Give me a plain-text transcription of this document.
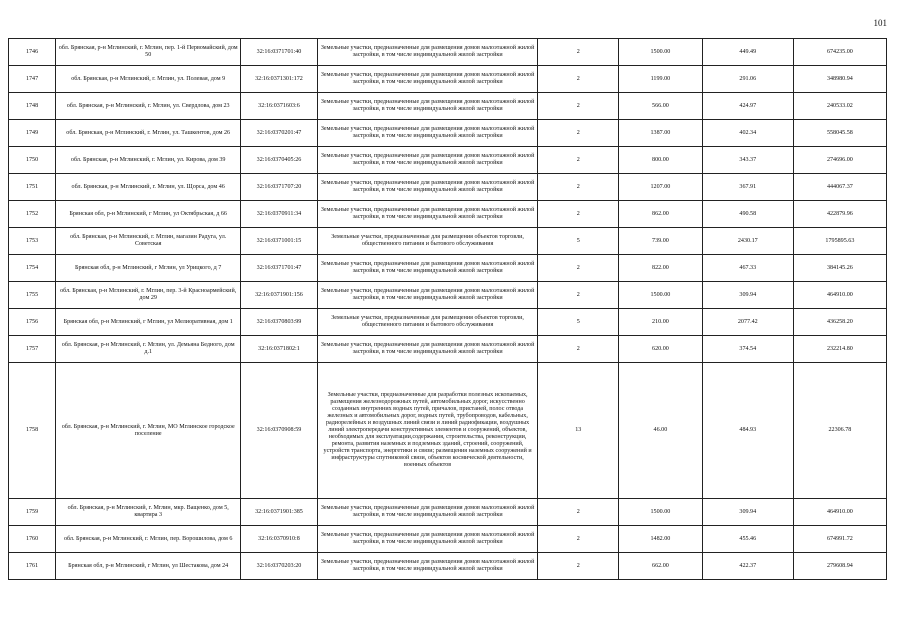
101
1746	обл. Брянская, р-н Мглинский, г. Мглин, пер. 1-й Первомайский, дом 50	32:16:0371701:40	Земельные участки, предназначенные для размещения домов малоэтажной жилой застройки, в том числе индивидуальной жилой застройки	2	1500.00	449.49	674235.00
1747	обл. Брянская, р-н Мглинский, г. Мглин, ул. Полевая, дом 9	32:16:0371301:172	Земельные участки, предназначенные для размещения домов малоэтажной жилой застройки, в том числе индивидуальной жилой застройки	2	1199.00	291.06	348980.94
1748	обл. Брянская, р-н Мглинский, г. Мглин, ул. Свердлова, дом 23	32:16:0371603:6	Земельные участки, предназначенные для размещения домов малоэтажной жилой застройки, в том числе индивидуальной жилой застройки	2	566.00	424.97	240533.02
1749	обл. Брянская, р-н Мглинский, г. Мглин, ул. Ташкентов, дом 26	32:16:0370201:47	Земельные участки, предназначенные для размещения домов малоэтажной жилой застройки, в том числе индивидуальной жилой застройки	2	1387.00	402.34	558045.58
1750	обл. Брянская, р-н Мглинский, г. Мглин, ул. Кирова, дом 39	32:16:0370405:26	Земельные участки, предназначенные для размещения домов малоэтажной жилой застройки, в том числе индивидуальной жилой застройки	2	800.00	343.37	274696.00
1751	обл. Брянская, р-н Мглинский, г. Мглин, ул. Щорса, дом 46	32:16:0371707:20	Земельные участки, предназначенные для размещения домов малоэтажной жилой застройки, в том числе индивидуальной жилой застройки	2	1207.00	367.91	444067.37
1752	Брянская обл, р-н Мглинский, г Мглин, ул Октябрьская, д 66	32:16:0370911:34	Земельные участки, предназначенные для размещения домов малоэтажной жилой застройки, в том числе индивидуальной жилой застройки	2	862.00	490.58	422879.96
1753	обл. Брянская, р-н Мглинский, г. Мглин, магазин Радуга, ул. Советская	32:16:0371001:15	Земельные участки, предназначенные для размещения объектов торговли, общественного питания и бытового обслуживания	5	739.00	2430.17	1795895.63
1754	Брянская обл, р-н Мглинский, г Мглин, ул Урицкого, д 7	32:16:0371701:47	Земельные участки, предназначенные для размещения домов малоэтажной жилой застройки, в том числе индивидуальной жилой застройки	2	822.00	467.33	384145.26
1755	обл. Брянская, р-н Мглинский, г. Мглин, пер. 3-й Красноармейский, дом 29	32:16:0371901:156	Земельные участки, предназначенные для размещения домов малоэтажной жилой застройки, в том числе индивидуальной жилой застройки	2	1500.00	309.94	464910.00
1756	Брянская обл, р-н Мглинский, г Мглин, ул Мелиоративная, дом 1	32:16:0370803:99	Земельные участки, предназначенные для размещения объектов торговли, общественного питания и бытового обслуживания	5	210.00	2077.42	436258.20
1757	обл. Брянская, р-н Мглинский, г. Мглин, ул. Демьяна Бедного, дом д.1	32:16:0371802:1	Земельные участки, предназначенные для размещения домов малоэтажной жилой застройки, в том числе индивидуальной жилой застройки	2	620.00	374.54	232214.80
1758	обл. Брянская, р-н Мглинский, г. Мглин, МО Мглинское городское поселение	32:16:0370908:59	Земельные участки, предназначенные для разработки полезных ископаемых, размещения железнодорожных путей, автомобильных дорог, искусственно созданных внутренних водных путей, причалов, пристаней, полос отвода железных и автомобильных дорог, водных путей, трубопроводов, кабельных, радиорелейных и воздушных линий связи и линий радиофикации, воздушных линий электропередачи конструктивных элементов и сооружений, объектов, необходимых для эксплуатации,содержания, строительства, реконструкции, ремонта, развития наземных и подземных зданий, строений, сооружений, устройств транспорта, энергетики и связи; размещения наземных сооружений и инфраструктуры спутниковой связи, объектов космической деятельности, военных объектов	13	46.00	484.93	22306.78
1759	обл. Брянская, р-н Мглинский, г. Мглин, мкр. Ващенко, дом 5, квартира 3	32:16:0371901:385	Земельные участки, предназначенные для размещения домов малоэтажной жилой застройки, в том числе индивидуальной жилой застройки	2	1500.00	309.94	464910.00
1760	обл. Брянская, р-н Мглинский, г. Мглин, пер. Ворошилова, дом 6	32:16:0370910:8	Земельные участки, предназначенные для размещения домов малоэтажной жилой застройки, в том числе индивидуальной жилой застройки	2	1482.00	455.46	674991.72
1761	Брянская обл, р-н Мглинский, г Мглин, ул Шестакова, дом 24	32:16:0370203:20	Земельные участки, предназначенные для размещения домов малоэтажной жилой застройки, в том числе индивидуальной жилой застройки	2	662.00	422.37	279608.94
